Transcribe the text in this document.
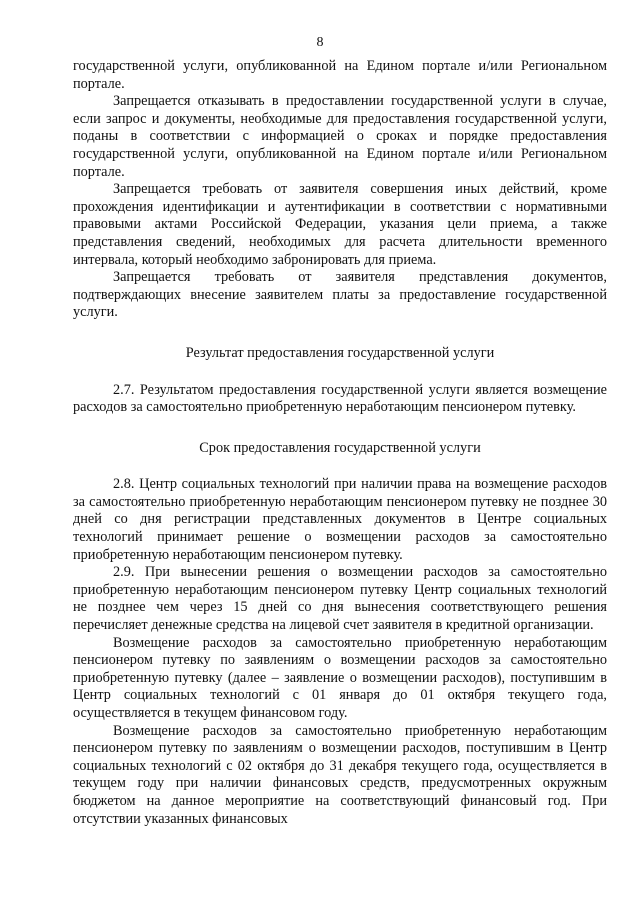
8

государственной услуги, опубликованной на Едином портале и/или Региональном портале.

Запрещается отказывать в предоставлении государственной услуги в случае, если запрос и документы, необходимые для предоставления государственной услуги, поданы в соответствии с информацией о сроках и порядке предоставления государственной услуги, опубликованной на Едином портале и/или Региональном портале.

Запрещается требовать от заявителя совершения иных действий, кроме прохождения идентификации и аутентификации в соответствии с нормативными правовыми актами Российской Федерации, указания цели приема, а также представления сведений, необходимых для расчета длительности временного интервала, который необходимо забронировать для приема.

Запрещается требовать от заявителя представления документов, подтверждающих внесение заявителем платы за предоставление государственной услуги.

Результат предоставления государственной услуги

2.7. Результатом предоставления государственной услуги является возмещение расходов за самостоятельно приобретенную неработающим пенсионером путевку.

Срок предоставления государственной услуги

2.8. Центр социальных технологий при наличии права на возмещение расходов за самостоятельно приобретенную неработающим пенсионером путевку не позднее 30 дней со дня регистрации представленных документов в Центре социальных технологий принимает решение о возмещении расходов за самостоятельно приобретенную неработающим пенсионером путевку.

2.9. При вынесении решения о возмещении расходов за самостоятельно приобретенную неработающим пенсионером путевку Центр социальных технологий не позднее чем через 15 дней со дня вынесения соответствующего решения перечисляет денежные средства на лицевой счет заявителя в кредитной организации.

Возмещение расходов за самостоятельно приобретенную неработающим пенсионером путевку по заявлениям о возмещении расходов за самостоятельно приобретенную путевку (далее – заявление о возмещении расходов), поступившим в Центр социальных технологий с 01 января до 01 октября текущего года, осуществляется в текущем финансовом году.

Возмещение расходов за самостоятельно приобретенную неработающим пенсионером путевку по заявлениям о возмещении расходов, поступившим в Центр социальных технологий с 02 октября до 31 декабря текущего года, осуществляется в текущем году при наличии финансовых средств, предусмотренных окружным бюджетом на данное мероприятие на соответствующий финансовый год. При отсутствии указанных финансовых
